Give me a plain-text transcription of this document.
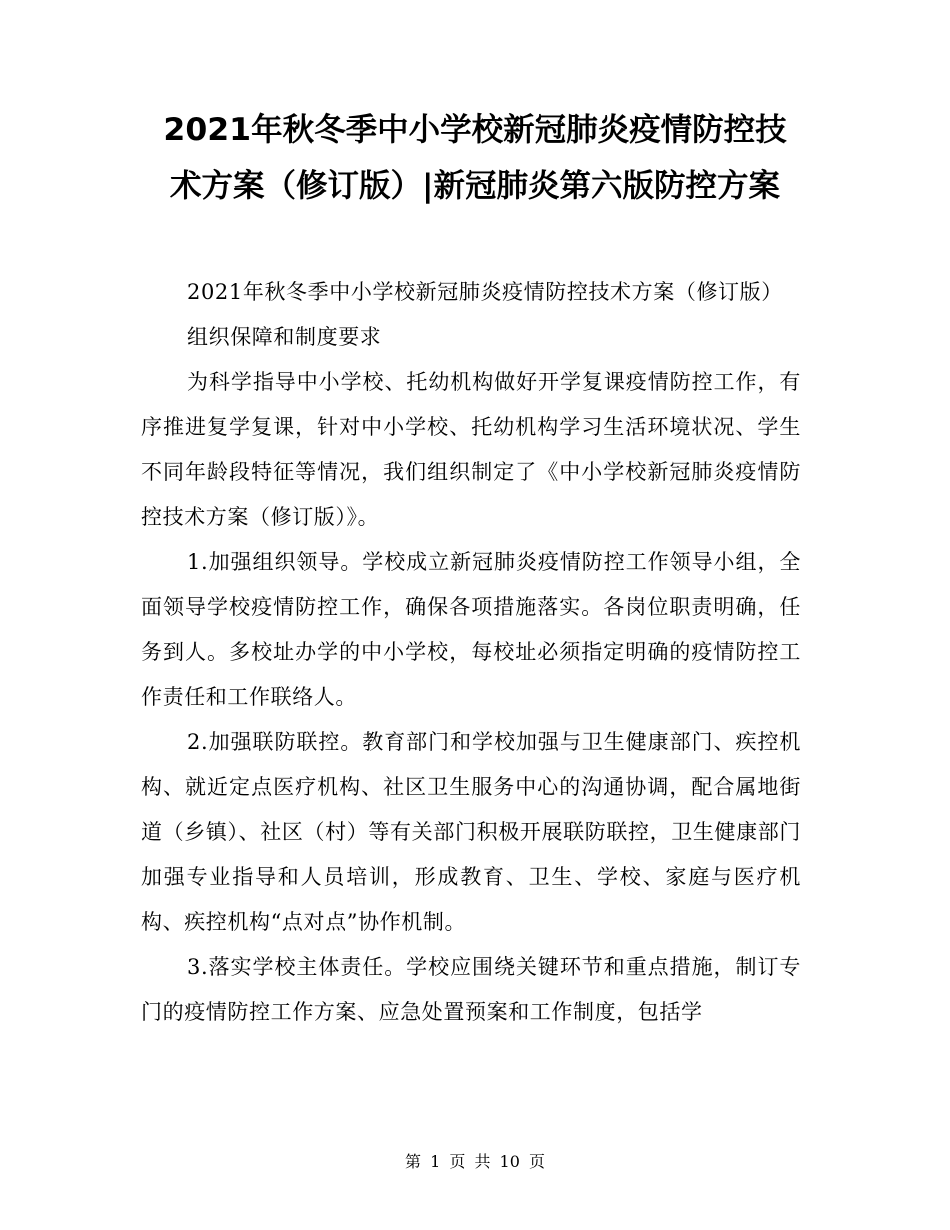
2021年秋冬季中小学校新冠肺炎疫情防控技
术方案（修订版）|新冠肺炎第六版防控方案

2021年秋冬季中小学校新冠肺炎疫情防控技术方案（修订版）

组织保障和制度要求

为科学指导中小学校、托幼机构做好开学复课疫情防控工作，有序推进复学复课，针对中小学校、托幼机构学习生活环境状况、学生不同年龄段特征等情况，我们组织制定了《中小学校新冠肺炎疫情防控技术方案（修订版）》。

1.加强组织领导。学校成立新冠肺炎疫情防控工作领导小组，全面领导学校疫情防控工作，确保各项措施落实。各岗位职责明确，任务到人。多校址办学的中小学校，每校址必须指定明确的疫情防控工作责任和工作联络人。

2.加强联防联控。教育部门和学校加强与卫生健康部门、疾控机构、就近定点医疗机构、社区卫生服务中心的沟通协调，配合属地街道（乡镇）、社区（村）等有关部门积极开展联防联控，卫生健康部门加强专业指导和人员培训，形成教育、卫生、学校、家庭与医疗机构、疾控机构“点对点”协作机制。

3.落实学校主体责任。学校应围绕关键环节和重点措施，制订专门的疫情防控工作方案、应急处置预案和工作制度，包括学

第 1 页 共 10 页
